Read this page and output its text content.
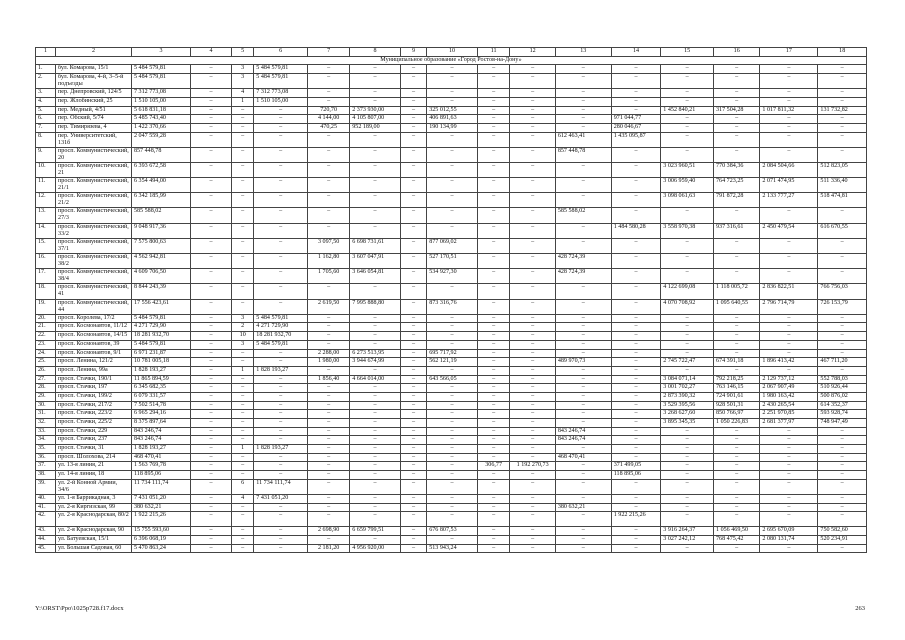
1	2	3	4	5	6	7	8	9	10	11	12	13	14	15	16	17	18
Муниципальное образование «Город Ростов-на-Дону»																	
1.	бул. Комарова, 15/1	5 484 579,81	–	3	5 484 579,81	–	–	–	–	–	–	–	–	–	–	–	–
2.	бул. Комарова, 4-й, 3–5-й подъезды	5 484 579,81	–	3	5 484 579,81	–	–	–	–	–	–	–	–	–	–	–	–
3.	пер. Днепровский, 124/5	7 312 773,08	–	4	7 312 773,08	–	–	–	–	–	–	–	–	–	–	–	–
4.	пер. Жлобинский, 25	1 510 105,00	–	1	1 510 105,00	–	–	–	–	–	–	–	–	–	–	–	–
5.	пер. Медный, 4/51	5 618 831,18	–	–	–	720,70	2 373 930,00	–	325 012,55	–	–	–	–	1 452 840,21	317 504,28	1 017 811,32	131 732,82
6.	пер. Обский, 5/74	5 485 743,40	–	–	–	4 144,00	4 105 807,00	–	406 891,63	–	–	–	971 044,77	–	–	–	–
7.	пер. Тимирязева, 4	1 422 370,66	–	–	–	470,25	952 189,00	–	190 134,99	–	–	–	280 046,67	–	–	–	–
8.	пер. Университетский, 131б	2 047 559,28	–	–	–	–	–	–	–	–	–	612 463,41	1 435 095,87	–	–	–	–
9.	просп. Коммунистический, 20	857 448,78	–	–	–	–	–	–	–	–	–	857 448,78	–	–	–	–	–
10.	просп. Коммунистический, 21	6 393 672,58	–	–	–	–	–	–	–	–	–	–	–	3 023 960,51	770 384,36	2 084 504,66	512 823,05
11.	просп. Коммунистический, 21/1	6 354 494,00	–	–	–	–	–	–	–	–	–	–	–	3 006 959,40	764 723,25	2 071 474,95	511 336,40
12.	просп. Коммунистический, 21/2	6 342 185,99	–	–	–	–	–	–	–	–	–	–	–	3 098 061,63	791 872,28	2 133 777,27	518 474,81
13.	просп. Коммунистический, 27/3	585 588,02	–	–	–	–	–	–	–	–	–	585 588,02	–	–	–	–	–
14.	просп. Коммунистический, 33/2	9 048 917,36	–	–	–	–	–	–	–	–	–	–	1 484 580,28	3 558 970,38	937 316,61	2 450 479,54	616 670,55
15.	просп. Коммунистический, 37/1	7 575 800,63	–	–	–	3 097,50	6 698 731,61	–	877 069,02	–	–	–	–	–	–	–	–
16.	просп. Коммунистический, 38/2	4 562 942,81	–	–	–	1 162,80	3 607 047,91	–	527 170,51	–	–	428 724,39	–	–	–	–	–
17.	просп. Коммунистический, 38/4	4 609 706,50	–	–	–	1 705,60	3 646 054,81	–	534 927,30	–	–	428 724,39	–	–	–	–	–
18.	просп. Коммунистический, 41	8 844 243,39	–	–	–	–	–	–	–	–	–	–	–	4 122 699,08	1 118 005,72	2 836 822,51	766 756,03
19.	просп. Коммунистический, 44	17 556 423,61	–	–	–	2 619,50	7 995 888,80	–	873 316,76	–	–	–	–	4 070 708,92	1 095 640,55	2 796 714,79	726 153,79
20.	просп. Королева, 17/2	5 484 579,81	–	3	5 484 579,81	–	–	–	–	–	–	–	–	–	–	–	–
21.	просп. Космонавтов, 11/12	4 271 729,90	–	2	4 271 729,90	–	–	–	–	–	–	–	–	–	–	–	–
22.	просп. Космонавтов, 14/15	18 281 932,70	–	10	18 281 932,70	–	–	–	–	–	–	–	–	–	–	–	–
23.	просп. Космонавтов, 39	5 484 579,81	–	3	5 484 579,81	–	–	–	–	–	–	–	–	–	–	–	–
24.	просп. Космонавтов, 9/1	6 971 231,87	–	–	–	2 288,00	6 273 513,95	–	695 717,92	–	–	–	–	–	–	–	–
25.	просп. Ленина, 121/2	10 781 005,18	–	–	–	1 980,00	3 944 674,99	–	562 121,19	–	–	489 970,73	–	2 745 722,47	674 391,18	1 896 413,42	467 711,20
26.	просп. Ленина, 99а	1 828 193,27	–	1	1 828 193,27	–	–	–	–	–	–	–	–	–	–	–	–
27.	просп. Стачки, 190/1	11 865 894,59	–	–	–	1 856,40	4 664 014,00	–	643 566,05	–	–	–	–	3 084 071,14	792 218,25	2 129 737,12	552 788,03
28.	просп. Стачки, 197	6 345 682,35	–	–	–	–	–	–	–	–	–	–	–	3 001 702,27	763 146,15	2 067 907,49	510 926,44
29.	просп. Стачки, 199/2	6 079 331,57	–	–	–	–	–	–	–	–	–	–	–	2 873 390,32	724 901,61	1 980 163,42	500 876,02
30.	просп. Стачки, 217/2	7 502 514,78	–	–	–	–	–	–	–	–	–	–	–	3 529 395,56	928 501,31	2 430 265,54	614 352,37
31.	просп. Стачки, 223/2	6 965 294,16	–	–	–	–	–	–	–	–	–	–	–	3 268 627,60	850 766,97	2 251 970,85	593 928,74
32.	просп. Стачки, 225/2	8 375 897,64	–	–	–	–	–	–	–	–	–	–	–	3 895 345,35	1 050 226,83	2 681 377,97	748 947,49
33.	просп. Стачки, 229	843 246,74	–	–	–	–	–	–	–	–	–	843 246,74	–	–	–	–	–
34.	просп. Стачки, 237	843 246,74	–	–	–	–	–	–	–	–	–	843 246,74	–	–	–	–	–
35.	просп. Стачки, 31	1 828 193,27	–	1	1 828 193,27	–	–	–	–	–	–	–	–	–	–	–	–
36.	просп. Шолохова, 214	468 470,41	–	–	–	–	–	–	–	–	–	468 470,41	–	–	–	–	–
37.	ул. 13-я линия, 21	1 563 769,78	–	–	–	–	–	–	–	306,77	1 192 270,73	–	371 499,05	–	–	–	–
38.	ул. 14-я линия, 18	118 895,06	–	–	–	–	–	–	–	–	–	–	118 895,06	–	–	–	–
39.	ул. 2-й Конной Армии, 34/6	11 734 111,74	–	6	11 734 111,74	–	–	–	–	–	–	–	–	–	–	–	–
40.	ул. 1-я Баррикадная, 3	7 431 051,20	–	4	7 431 051,20	–	–	–	–	–	–	–	–	–	–	–	–
41.	ул. 2-я Киргизская, 99	380 632,21	–	–	–	–	–	–	–	–	–	380 632,21	–	–	–	–	–
42.	ул. 2-я Краснодарская, 80/2	1 922 215,26	–	–	–	–	–	–	–	–	–	–	1 922 215,26	–	–	–	–
43.	ул. 2-я Краснодарская, 90	15 755 593,60	–	–	–	2 698,90	6 659 799,51	–	676 807,53	–	–	–	–	3 916 264,37	1 056 469,50	2 695 670,09	750 582,60
44.	ул. Батуевская, 15/1	6 396 068,19	–	–	–	–	–	–	–	–	–	–	–	3 027 242,12	768 475,42	2 080 131,74	520 234,91
45.	ул. Большая Садовая, 60	5 470 863,24	–	–	–	2 181,20	4 956 920,00	–	513 943,24	–	–	–	–	–	–	–	–
Y:\ORST\Ppo\1025p728.f17.docx	263
